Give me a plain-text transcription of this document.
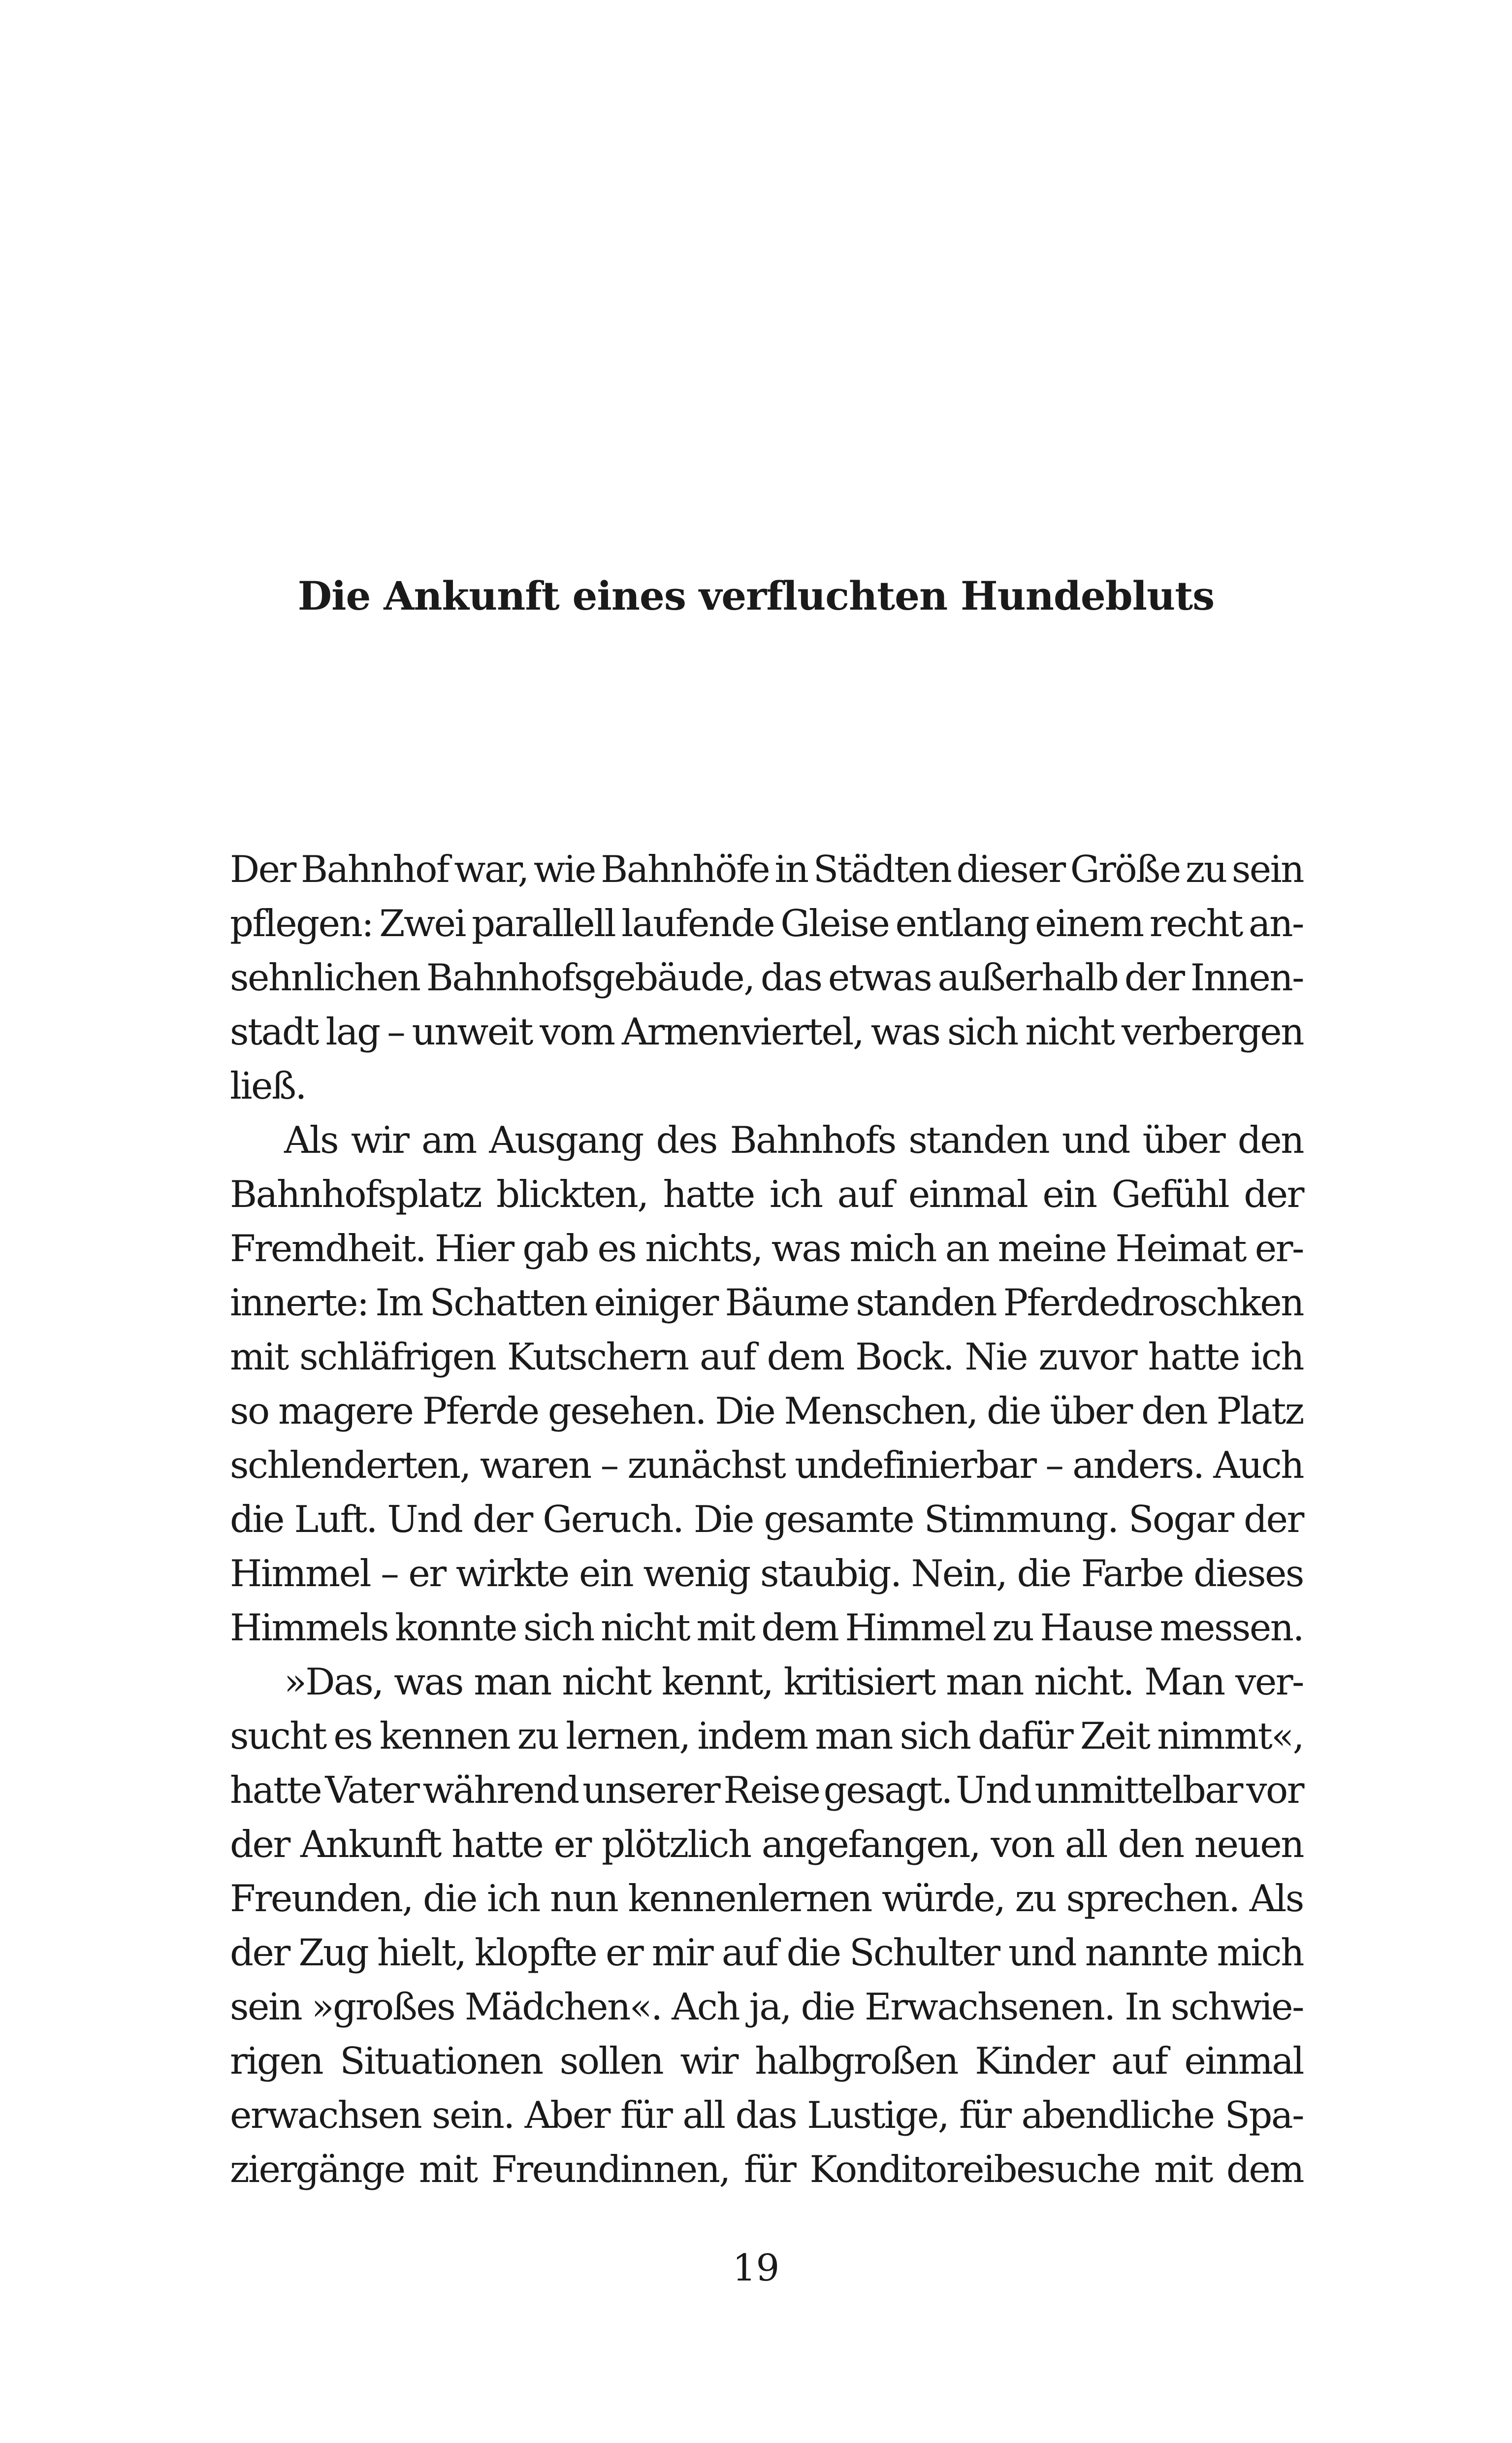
Die Ankunft eines verfluchten Hundebluts
Der Bahnhof war, wie Bahnhöfe in Städten dieser Größe zu sein
pflegen: Zwei parallell laufende Gleise entlang einem recht an-
sehnlichen Bahnhofsgebäude, das etwas außerhalb der Innen-
stadt lag – unweit vom Armenviertel, was sich nicht verbergen
ließ.
Als wir am Ausgang des Bahnhofs standen und über den
Bahnhofsplatz blickten, hatte ich auf einmal ein Gefühl der
Fremdheit. Hier gab es nichts, was mich an meine Heimat er-
innerte: Im Schatten einiger Bäume standen Pferdedroschken
mit schläfrigen Kutschern auf dem Bock. Nie zuvor hatte ich
so magere Pferde gesehen. Die Menschen, die über den Platz
schlenderten, waren – zunächst undefinierbar – anders. Auch
die Luft. Und der Geruch. Die gesamte Stimmung. Sogar der
Himmel – er wirkte ein wenig staubig. Nein, die Farbe dieses
Himmels konnte sich nicht mit dem Himmel zu Hause messen.
»Das, was man nicht kennt, kritisiert man nicht. Man ver-
sucht es kennen zu lernen, indem man sich dafür Zeit nimmt«,
hatte Vater während unserer Reise gesagt. Und unmittelbar vor
der Ankunft hatte er plötzlich angefangen, von all den neuen
Freunden, die ich nun kennenlernen würde, zu sprechen. Als
der Zug hielt, klopfte er mir auf die Schulter und nannte mich
sein »großes Mädchen«. Ach ja, die Erwachsenen. In schwie-
rigen Situationen sollen wir halbgroßen Kinder auf einmal
erwachsen sein. Aber für all das Lustige, für abendliche Spa-
ziergänge mit Freundinnen, für Konditoreibesuche mit dem
19
